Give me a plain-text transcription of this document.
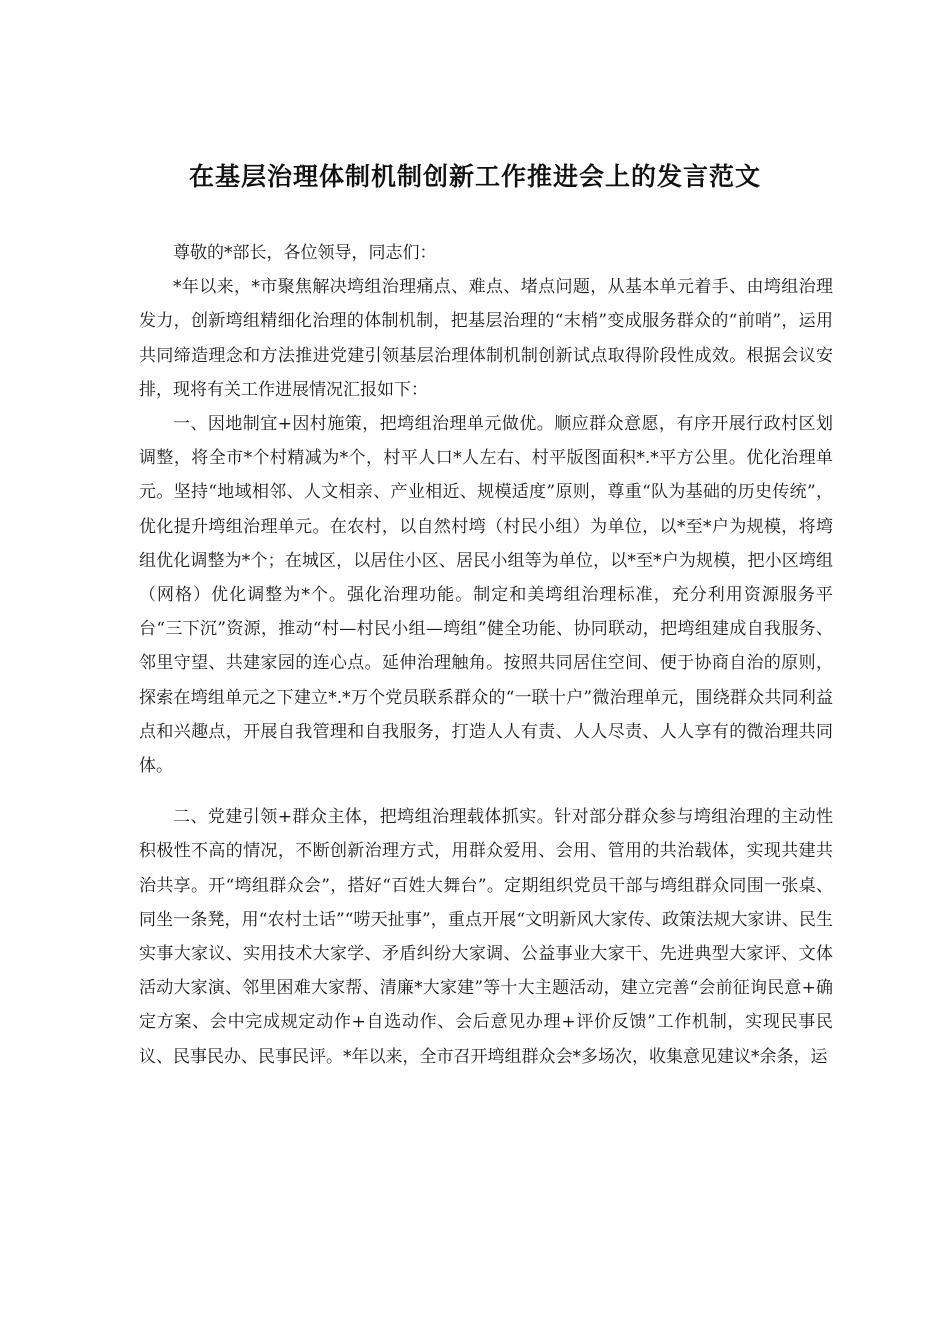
在基层治理体制机制创新工作推进会上的发言范文

尊敬的*部长，各位领导，同志们：

*年以来，*市聚焦解决塆组治理痛点、难点、堵点问题，从基本单元着手、由塆组治理发力，创新塆组精细化治理的体制机制，把基层治理的“末梢”变成服务群众的“前哨”，运用共同缔造理念和方法推进党建引领基层治理体制机制创新试点取得阶段性成效。根据会议安排，现将有关工作进展情况汇报如下：

一、因地制宜+因村施策，把塆组治理单元做优。顺应群众意愿，有序开展行政村区划调整，将全市*个村精减为*个，村平人口*人左右、村平版图面积*.*平方公里。优化治理单元。坚持“地域相邻、人文相亲、产业相近、规模适度”原则，尊重“队为基础的历史传统”，优化提升塆组治理单元。在农村，以自然村塆（村民小组）为单位，以*至*户为规模，将塆组优化调整为*个；在城区，以居住小区、居民小组等为单位，以*至*户为规模，把小区塆组（网格）优化调整为*个。强化治理功能。制定和美塆组治理标准，充分利用资源服务平台“三下沉”资源，推动“村—村民小组—塆组”健全功能、协同联动，把塆组建成自我服务、邻里守望、共建家园的连心点。延伸治理触角。按照共同居住空间、便于协商自治的原则，探索在塆组单元之下建立*.*万个党员联系群众的“一联十户”微治理单元，围绕群众共同利益点和兴趣点，开展自我管理和自我服务，打造人人有责、人人尽责、人人享有的微治理共同体。

二、党建引领+群众主体，把塆组治理载体抓实。针对部分群众参与塆组治理的主动性积极性不高的情况，不断创新治理方式，用群众爱用、会用、管用的共治载体，实现共建共治共享。开“塆组群众会”，搭好“百姓大舞台”。定期组织党员干部与塆组群众同围一张桌、同坐一条凳，用“农村土话”“唠天扯事”，重点开展“文明新风大家传、政策法规大家讲、民生实事大家议、实用技术大家学、矛盾纠纷大家调、公益事业大家干、先进典型大家评、文体活动大家演、邻里困难大家帮、清廉*大家建”等十大主题活动，建立完善“会前征询民意+确定方案、会中完成规定动作+自选动作、会后意见办理+评价反馈”工作机制，实现民事民议、民事民办、民事民评。*年以来，全市召开塆组群众会*多场次，收集意见建议*余条，运
